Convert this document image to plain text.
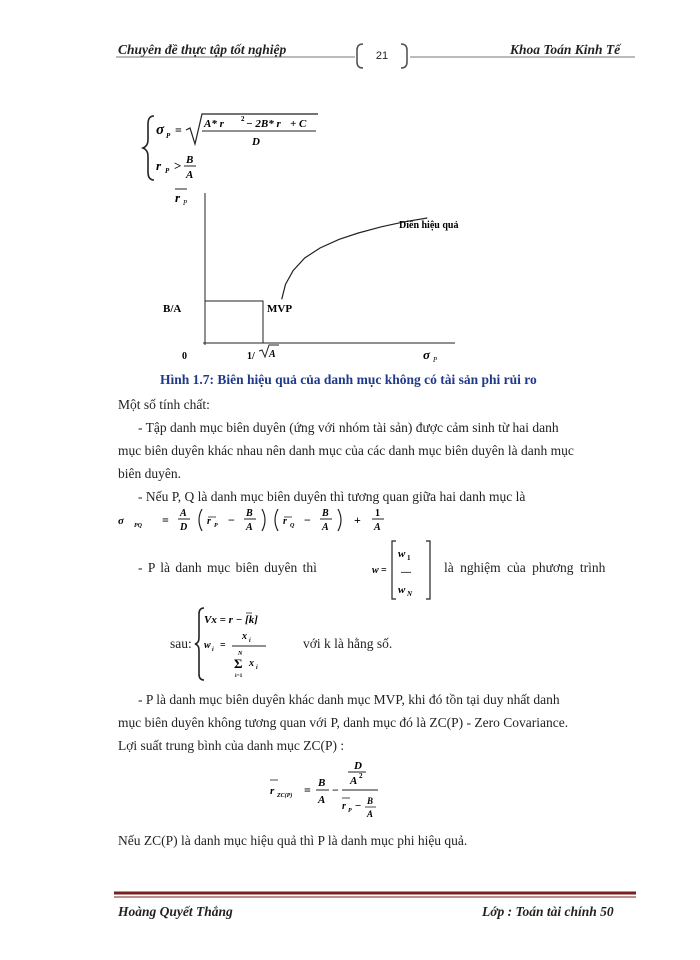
Chuyên đề thực tập tốt nghiệp	21	Khoa Toán Kinh Tế
σ P = A* r 2 − 2B* r + C
D
r P > B
A
r P
σ P
B/A	MVP
Diên hiệu quả
0	1/ A
Hình 1.7: Biên hiệu quả của danh mục không có tài sản phi rủi ro
Một số tính chất:
- Tập danh mục biên duyên (ứng với nhóm tài sản) được cảm sinh từ hai danh
mục biên duyên khác nhau nên danh mục của các danh mục biên duyên là danh mục
biên duyên.
- Nếu P, Q là danh mục biên duyên thì tương quan giữa hai danh mục là
σ PQ = A
D
r P − B
A
r Q − B
A
+ 1
A
- P là danh mục biên duyên thì	w =
w 1
—
w N
là nghiệm của phương trình
sau:
Vx = r − [k]
w i =
x i
N
Σ
i=1
x i
với k là hằng số.
- P là danh mục biên duyên khác danh mục MVP, khi đó tồn tại duy nhất danh
mục biên duyên không tương quan với P, danh mục đó là ZC(P) - Zero Covariance.
Lợi suất trung bình của danh mục ZC(P) :
r ZC(P) = B
A
−
D
A 2
r P − B
A
Nếu ZC(P) là danh mục hiệu quả thì P là danh mục phi hiệu quả.
Hoàng Quyết Thắng	Lớp : Toán tài chính 50
